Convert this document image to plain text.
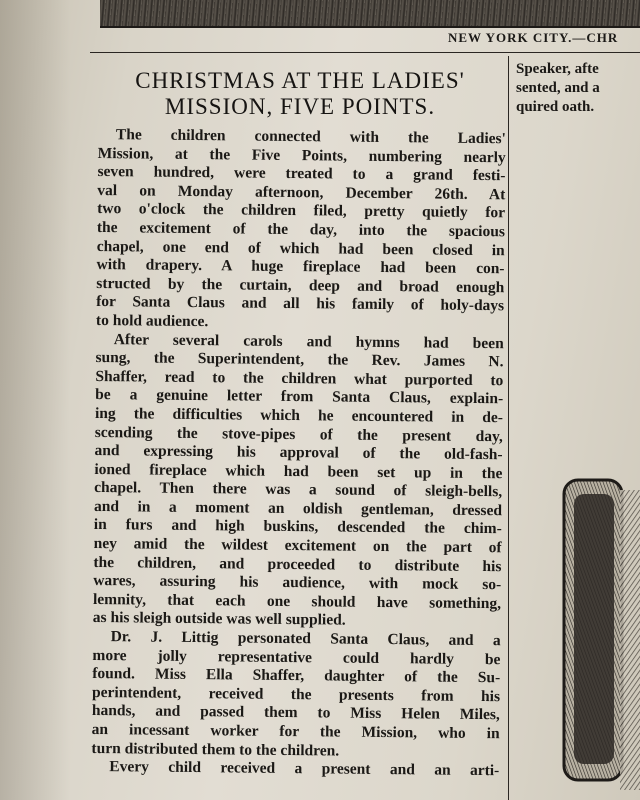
NEW YORK CITY.—CHR
CHRISTMAS AT THE LADIES'
MISSION, FIVE POINTS.
The children connected with the Ladies'
Mission, at the Five Points, numbering nearly
seven hundred, were treated to a grand festi-
val on Monday afternoon, December 26th. At
two o'clock the children filed, pretty quietly for
the excitement of the day, into the spacious
chapel, one end of which had been closed in
with drapery. A huge fireplace had been con-
structed by the curtain, deep and broad enough
for Santa Claus and all his family of holy-days
to hold audience.
After several carols and hymns had been
sung, the Superintendent, the Rev. James N.
Shaffer, read to the children what purported to
be a genuine letter from Santa Claus, explain-
ing the difficulties which he encountered in de-
scending the stove-pipes of the present day,
and expressing his approval of the old-fash-
ioned fireplace which had been set up in the
chapel. Then there was a sound of sleigh-bells,
and in a moment an oldish gentleman, dressed
in furs and high buskins, descended the chim-
ney amid the wildest excitement on the part of
the children, and proceeded to distribute his
wares, assuring his audience, with mock so-
lemnity, that each one should have something,
as his sleigh outside was well supplied.
Dr. J. Littig personated Santa Claus, and a
more jolly representative could hardly be
found. Miss Ella Shaffer, daughter of the Su-
perintendent, received the presents from his
hands, and passed them to Miss Helen Miles,
an incessant worker for the Mission, who in
turn distributed them to the children.
Every child received a present and an arti-
Speaker, afte
sented, and a
quired oath.
